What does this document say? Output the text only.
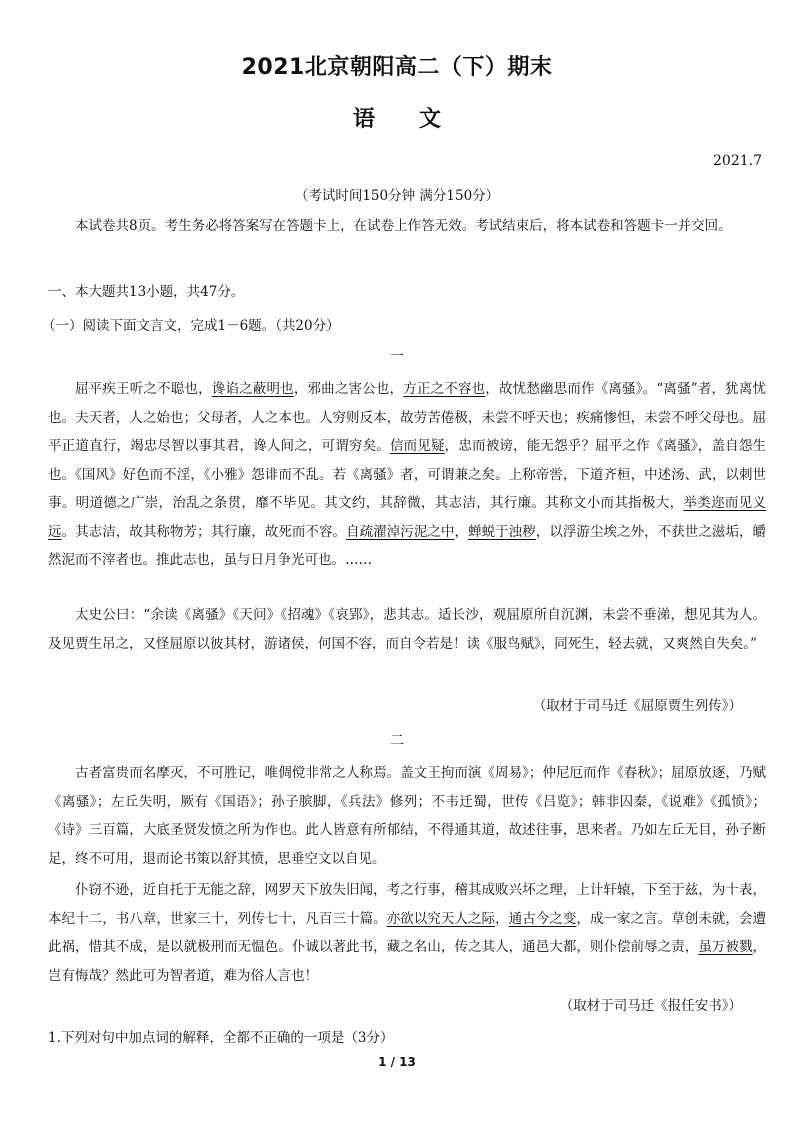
2021北京朝阳高二（下）期末
语文
2021.7
（考试时间150分钟 满分150分）

本试卷共8页。考生务必将答案写在答题卡上，在试卷上作答无效。考试结束后，将本试卷和答题卡一并交回。

一、本大题共13小题，共47分。
（一）阅读下面文言文，完成1－6题。（共20分）
一

屈平疾王听之不聪也，谗谄之蔽明也，邪曲之害公也，方正之不容也，故忧愁幽思而作《离骚》。“离骚”者，犹离忧也。夫天者，人之始也；父母者，人之本也。人穷则反本，故劳苦倦极，未尝不呼天也；疾痛惨怛，未尝不呼父母也。屈平正道直行，竭忠尽智以事其君，谗人间之，可谓穷矣。信而见疑，忠而被谤，能无怨乎？屈平之作《离骚》，盖自怨生也。《国风》好色而不淫，《小雅》怨诽而不乱。若《离骚》者，可谓兼之矣。上称帝喾，下道齐桓，中述汤、武，以刺世事。明道德之广崇，治乱之条贯，靡不毕见。其文约，其辞微，其志洁，其行廉。其称文小而其指极大，举类迩而见义远。其志洁，故其称物芳；其行廉，故死而不容。自疏濯淖污泥之中，蝉蜕于浊秽，以浮游尘埃之外，不获世之滋垢，皭然泥而不滓者也。推此志也，虽与日月争光可也。……

太史公曰：“余读《离骚》《天问》《招魂》《哀郢》，悲其志。适长沙，观屈原所自沉渊，未尝不垂涕，想见其为人。及见贾生吊之，又怪屈原以彼其材，游诸侯，何国不容，而自令若是！读《服鸟赋》，同死生，轻去就，又爽然自失矣。”

（取材于司马迁《屈原贾生列传》）
二

古者富贵而名摩灭，不可胜记，唯倜傥非常之人称焉。盖文王拘而演《周易》；仲尼厄而作《春秋》；屈原放逐，乃赋《离骚》；左丘失明，厥有《国语》；孙子膑脚，《兵法》修列；不韦迁蜀，世传《吕览》；韩非囚秦，《说难》《孤愤》；《诗》三百篇，大底圣贤发愤之所为作也。此人皆意有所郁结，不得通其道，故述往事，思来者。乃如左丘无目，孙子断足，终不可用，退而论书策以舒其愤，思垂空文以自见。

仆窃不逊，近自托于无能之辞，网罗天下放失旧闻，考之行事，稽其成败兴坏之理，上计轩辕，下至于兹，为十表，本纪十二，书八章，世家三十，列传七十，凡百三十篇。亦欲以究天人之际，通古今之变，成一家之言。草创未就，会遭此祸，惜其不成，是以就极刑而无愠色。仆诚以著此书，藏之名山，传之其人，通邑大都，则仆偿前辱之责，虽万被戮，岂有悔哉？然此可为智者道，难为俗人言也！

（取材于司马迁《报任安书》）
1.下列对句中加点词的解释，全都不正确的一项是（3分）
1 / 13
